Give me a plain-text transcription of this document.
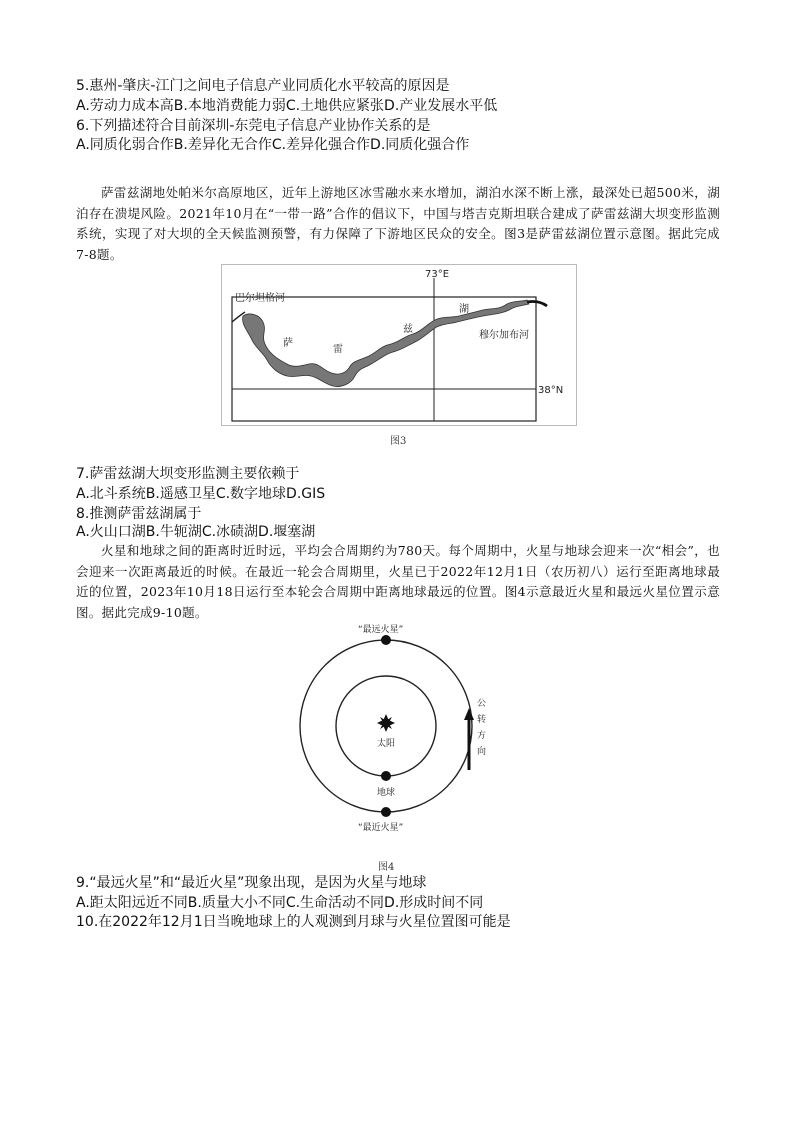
5.惠州-肇庆-江门之间电子信息产业同质化水平较高的原因是
A.劳动力成本高B.本地消费能力弱C.土地供应紧张D.产业发展水平低
6.下列描述符合目前深圳-东莞电子信息产业协作关系的是
A.同质化弱合作B.差异化无合作C.差异化强合作D.同质化强合作
萨雷兹湖地处帕米尔高原地区，近年上游地区冰雪融水来水增加，湖泊水深不断上涨，最深处已超500米，湖泊存在溃堤风险。2021年10月在“一带一路”合作的倡议下，中国与塔吉克斯坦联合建成了萨雷兹湖大坝变形监测系统，实现了对大坝的全天候监测预警，有力保障了下游地区民众的安全。图3是萨雷兹湖位置示意图。据此完成7-8题。
73°E
38°N
巴尔坦格河
萨
雷
兹
湖
穆尔加布河
图3
7.萨雷兹湖大坝变形监测主要依赖于
A.北斗系统B.遥感卫星C.数字地球D.GIS
8.推测萨雷兹湖属于
A.火山口湖B.牛轭湖C.冰碛湖D.堰塞湖
火星和地球之间的距离时近时远，平均会合周期约为780天。每个周期中，火星与地球会迎来一次“相会”，也会迎来一次距离最近的时候。在最近一轮会合周期里，火星已于2022年12月1日（农历初八）运行至距离地球最近的位置，2023年10月18日运行至本轮会合周期中距离地球最远的位置。图4示意最近火星和最远火星位置示意图。据此完成9-10题。
“最远火星”
太阳
地球
“最近火星”
公
转
方
向
图4
9.“最远火星”和“最近火星”现象出现，是因为火星与地球
A.距太阳远近不同B.质量大小不同C.生命活动不同D.形成时间不同
10.在2022年12月1日当晚地球上的人观测到月球与火星位置图可能是
